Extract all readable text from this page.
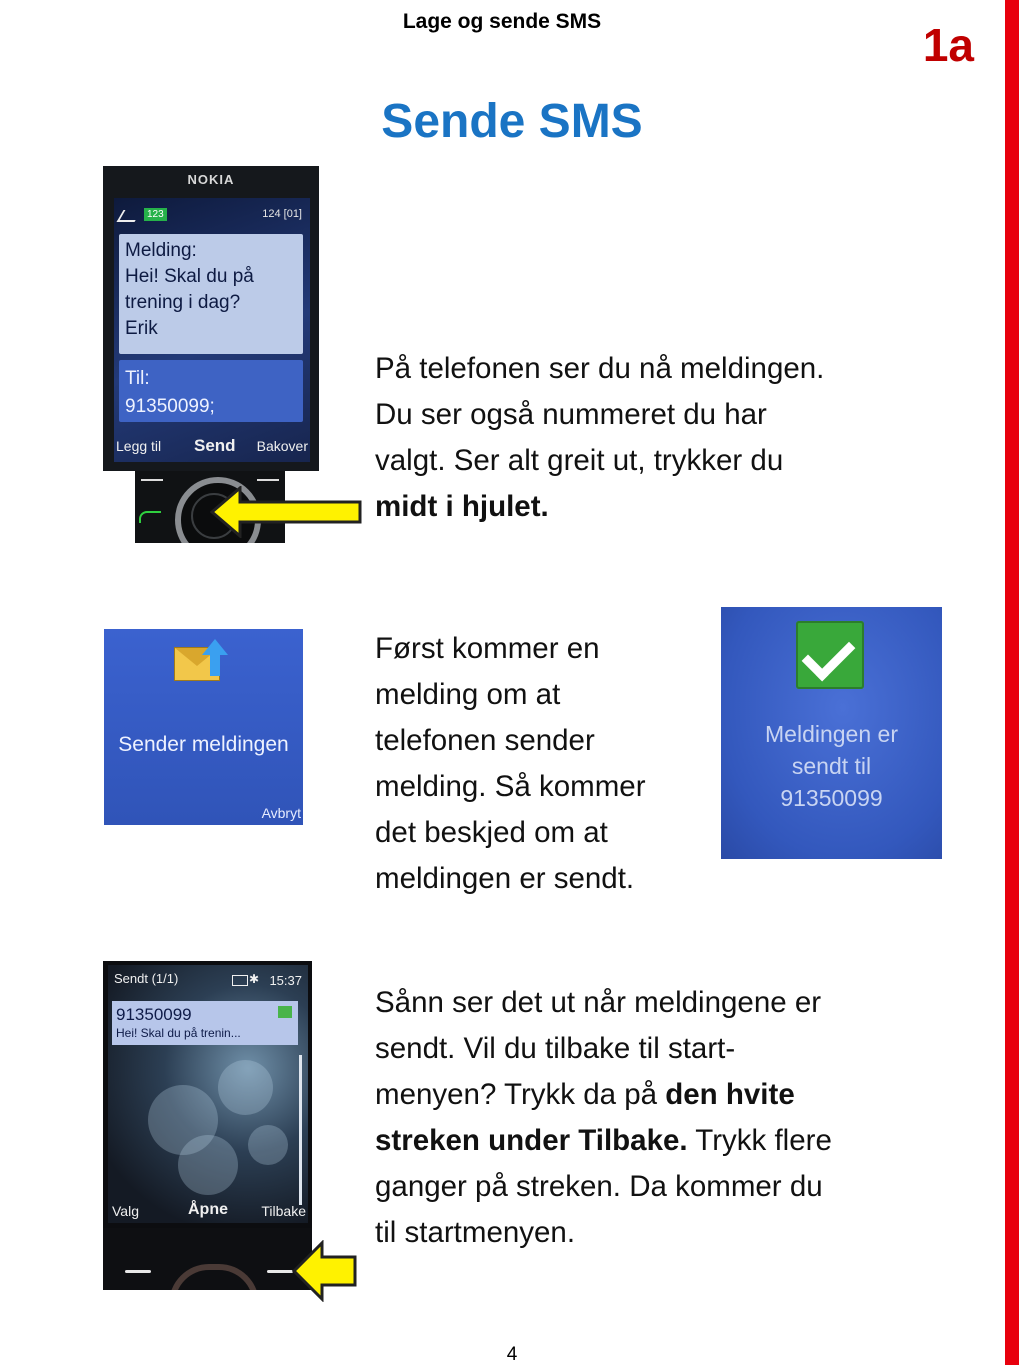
Lage og sende SMS	1a
Sende SMS
NOKIA
123	124 [01]
Melding:
Hei! Skal du på
trening i dag?
Erik
Til:
91350099;
Legg til Send Bakover
På telefonen ser du nå meldingen.
Du ser også nummeret du har
valgt. Ser alt greit ut, trykker du
midt i hjulet.
Sender meldingen
Avbryt
Først kommer en
melding om at
telefonen sender
melding. Så kommer
det beskjed om at
meldingen er sendt.
Meldingen er
sendt til
91350099
Sendt (1/1)	✱ 15:37
91350099
Hei! Skal du på trenin...
Valg	Åpne Tilbake
Sånn ser det ut når meldingene er
sendt. Vil du tilbake til start-
menyen? Trykk da på den hvite
streken under Tilbake. Trykk flere
ganger på streken. Da kommer du
til startmenyen.
4
